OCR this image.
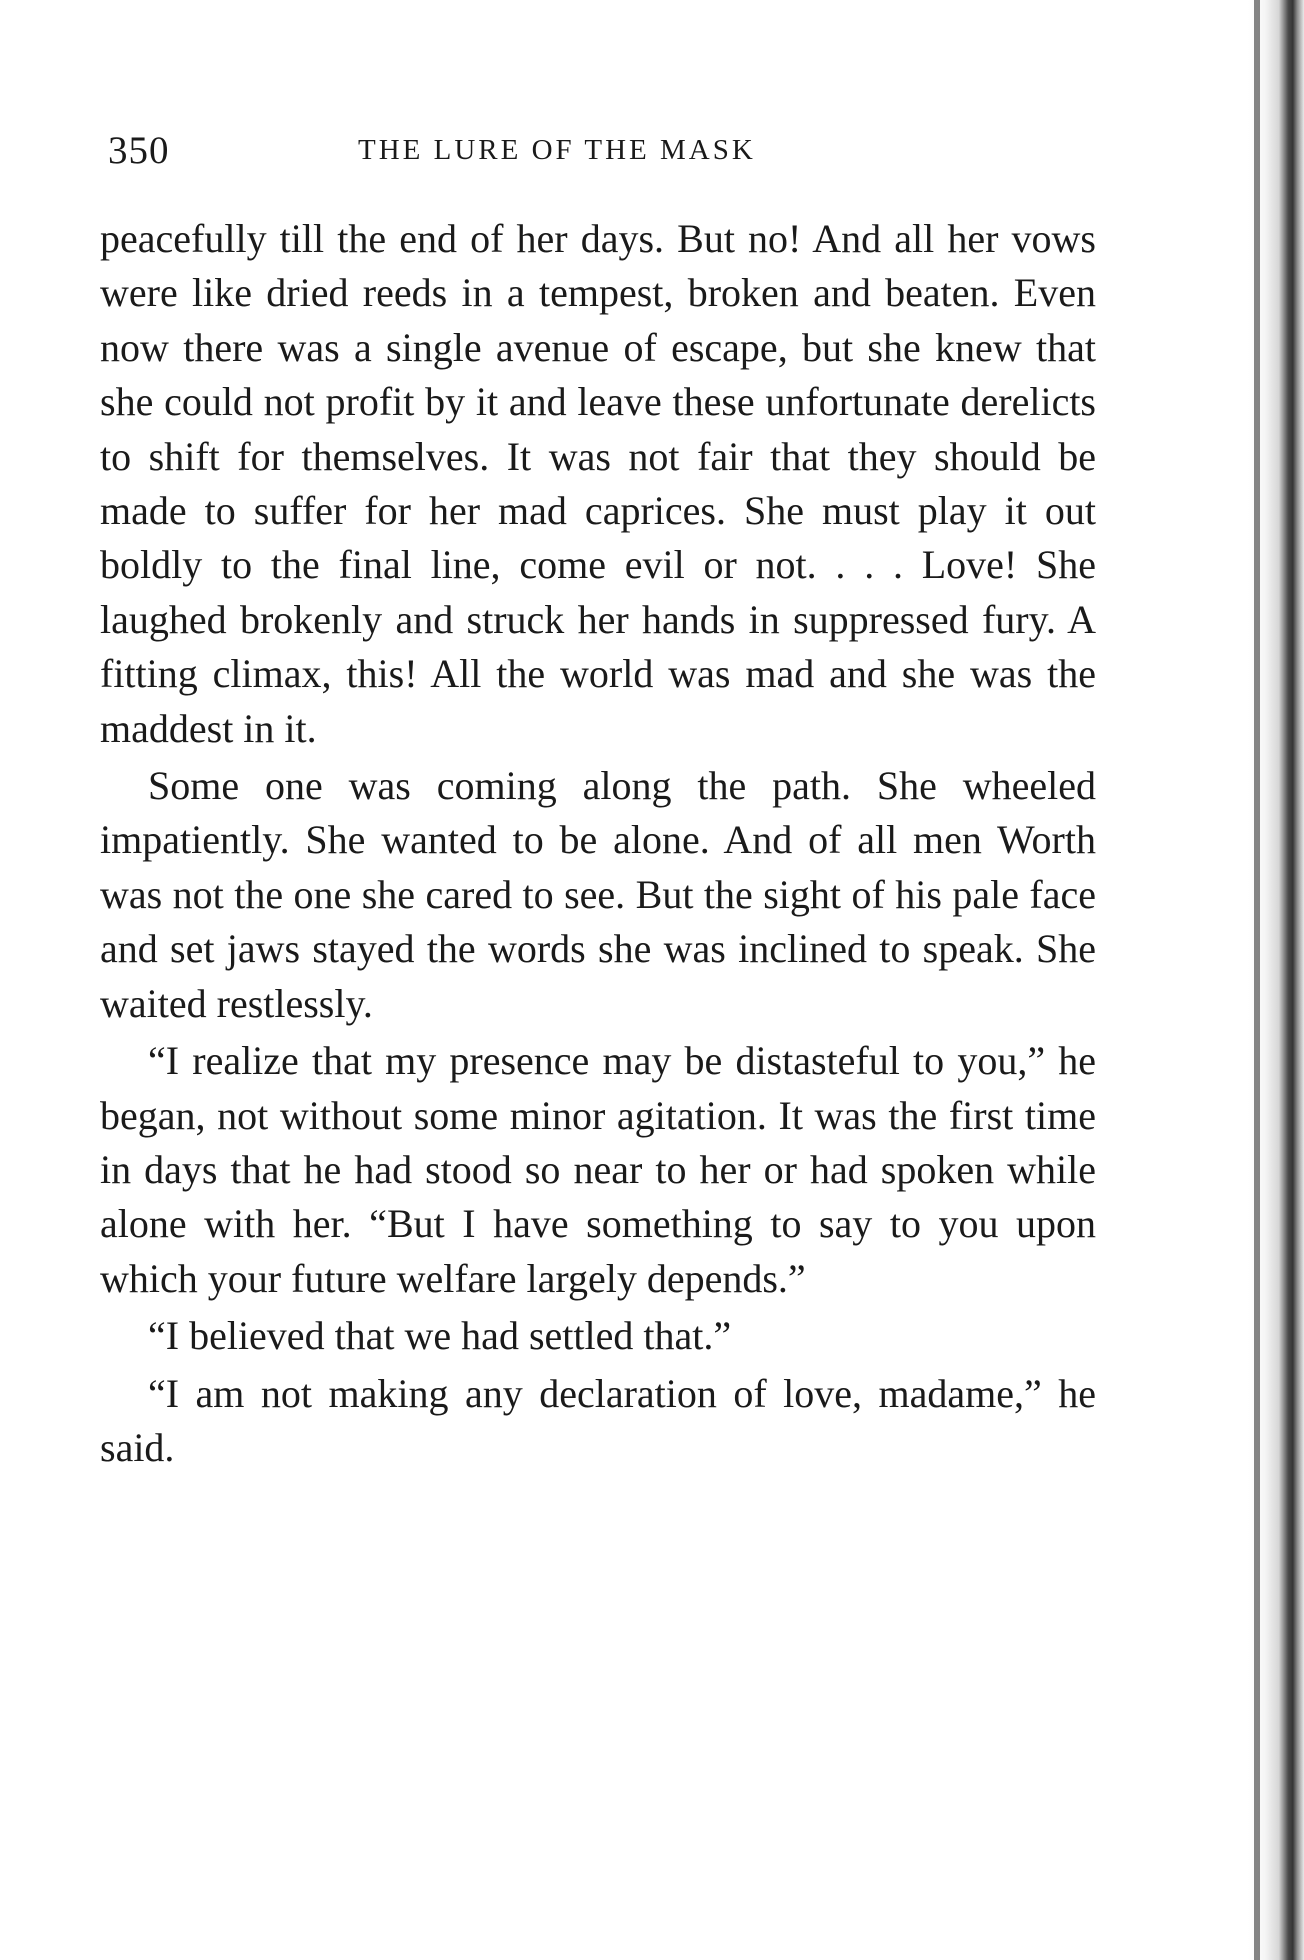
350	THE LURE OF THE MASK

peacefully till the end of her days. But no! And all her vows were like dried reeds in a tempest, broken and beaten. Even now there was a single avenue of escape, but she knew that she could not profit by it and leave these unfortunate derelicts to shift for themselves. It was not fair that they should be made to suffer for her mad caprices. She must play it out boldly to the final line, come evil or not. . . . Love! She laughed brokenly and struck her hands in suppressed fury. A fitting climax, this! All the world was mad and she was the maddest in it.

Some one was coming along the path. She wheeled impatiently. She wanted to be alone. And of all men Worth was not the one she cared to see. But the sight of his pale face and set jaws stayed the words she was inclined to speak. She waited restlessly.

“I realize that my presence may be distasteful to you,” he began, not without some minor agitation. It was the first time in days that he had stood so near to her or had spoken while alone with her. “But I have something to say to you upon which your future welfare largely depends.”

“I believed that we had settled that.”

“I am not making any declaration of love, madame,” he said.
